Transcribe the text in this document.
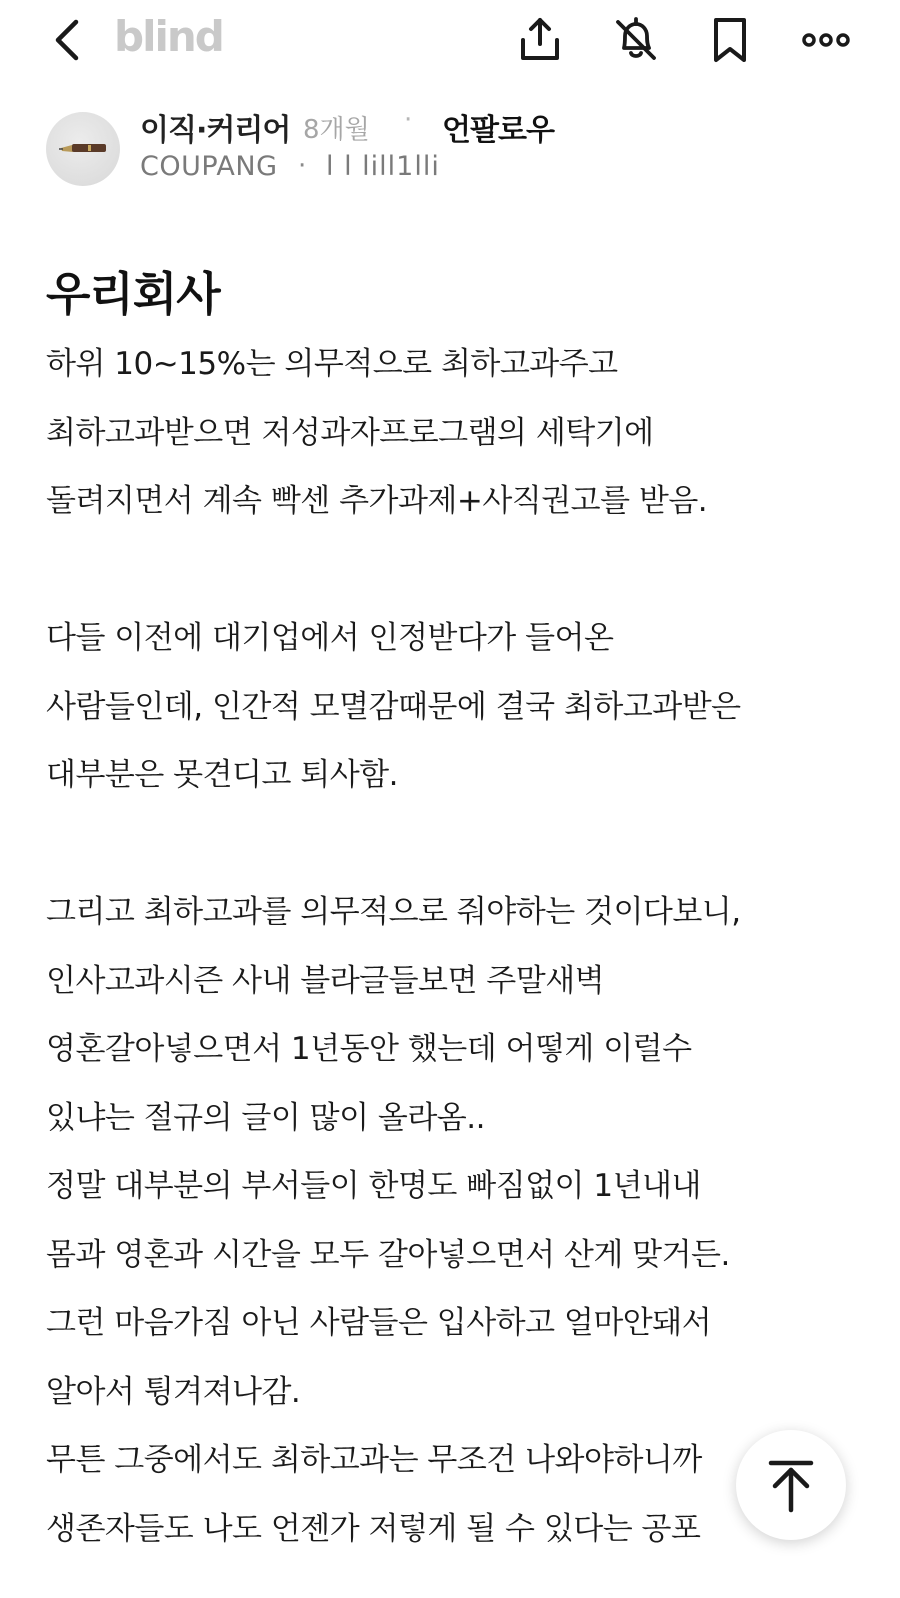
blind
이직·커리어 8개월 · 언팔로우
COUPANG · l l lill1lli
우리회사
하위 10~15%는 의무적으로 최하고과주고
최하고과받으면 저성과자프로그램의 세탁기에
돌려지면서 계속 빡센 추가과제+사직권고를 받음.
다들 이전에 대기업에서 인정받다가 들어온
사람들인데, 인간적 모멸감때문에 결국 최하고과받은
대부분은 못견디고 퇴사함.
그리고 최하고과를 의무적으로 줘야하는 것이다보니,
인사고과시즌 사내 블라글들보면 주말새벽
영혼갈아넣으면서 1년동안 했는데 어떻게 이럴수
있냐는 절규의 글이 많이 올라옴..
정말 대부분의 부서들이 한명도 빠짐없이 1년내내
몸과 영혼과 시간을 모두 갈아넣으면서 산게 맞거든.
그런 마음가짐 아닌 사람들은 입사하고 얼마안돼서
알아서 튕겨져나감.
무튼 그중에서도 최하고과는 무조건 나와야하니까
생존자들도 나도 언젠가 저렇게 될 수 있다는 공포
